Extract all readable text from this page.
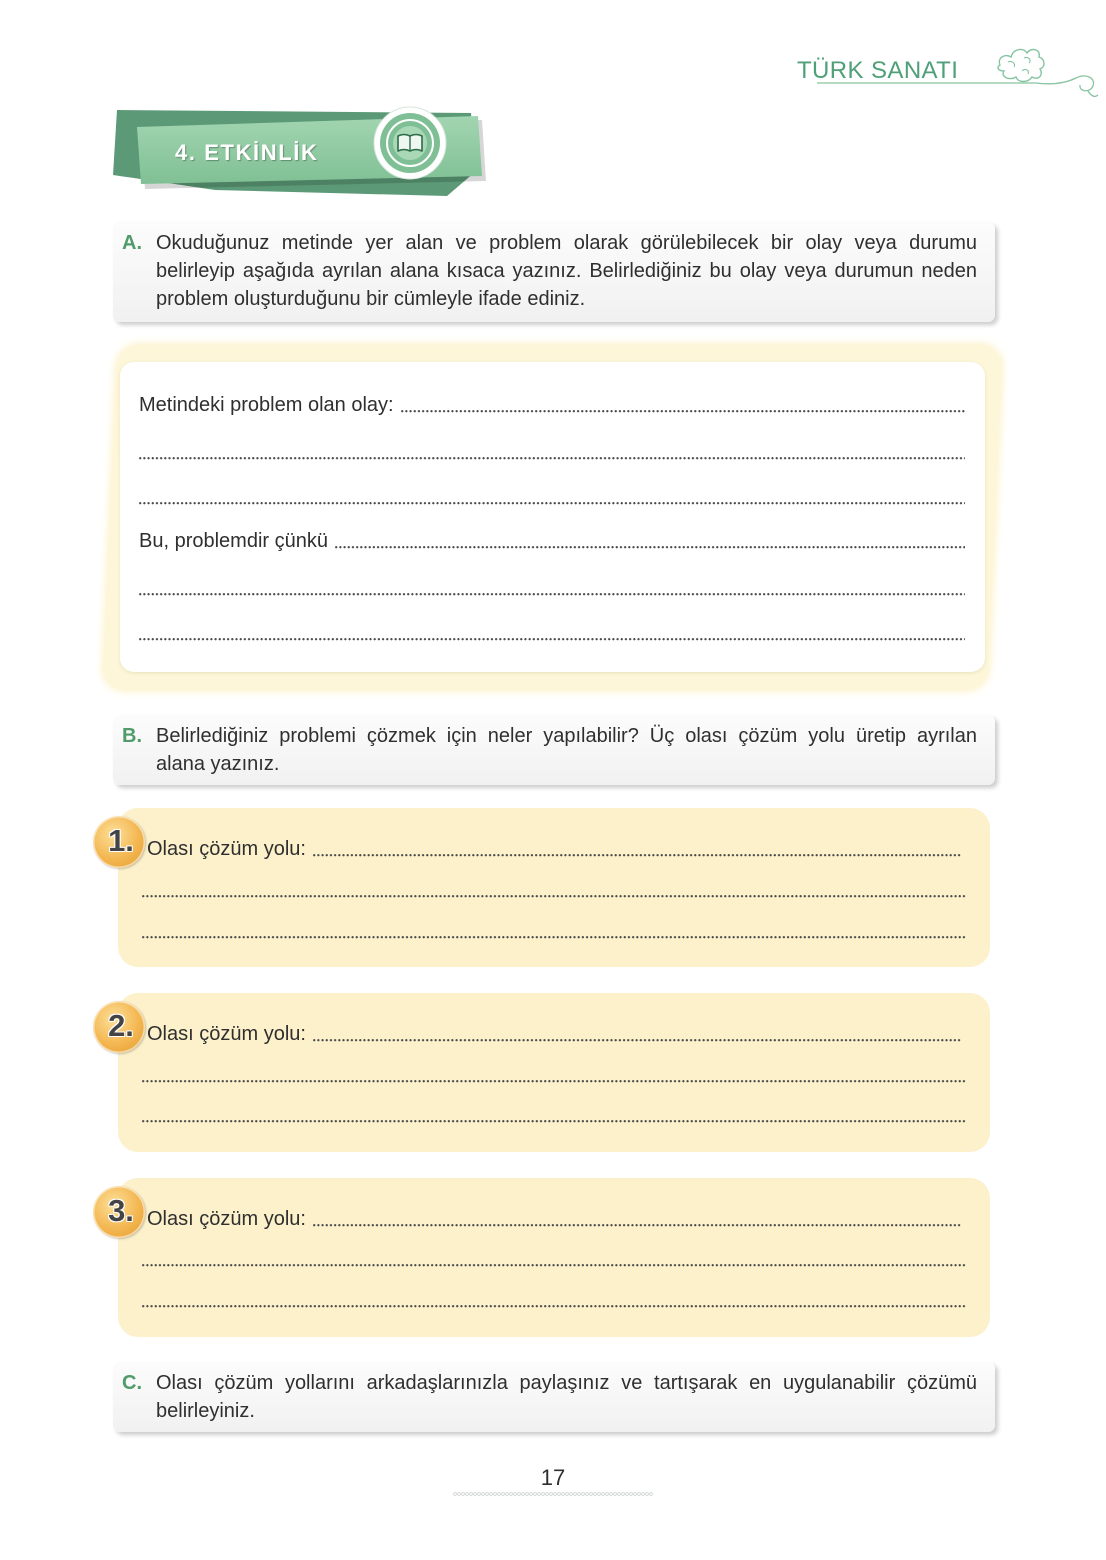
TÜRK SANATI
4. ETKİNLİK
A. Okuduğunuz metinde yer alan ve problem olarak görülebilecek bir olay veya durumu
belirleyip aşağıda ayrılan alana kısaca yazınız. Belirlediğiniz bu olay veya durumun neden
problem oluşturduğunu bir cümleyle ifade ediniz.
Metindeki problem olan olay:
Bu, problemdir çünkü
B. Belirlediğiniz problemi çözmek için neler yapılabilir? Üç olası çözüm yolu üretip ayrılan
alana yazınız.
1. Olası çözüm yolu:
2. Olası çözüm yolu:
3. Olası çözüm yolu:
C. Olası çözüm yollarını arkadaşlarınızla paylaşınız ve tartışarak en uygulanabilir çözümü
belirleyiniz.
17
